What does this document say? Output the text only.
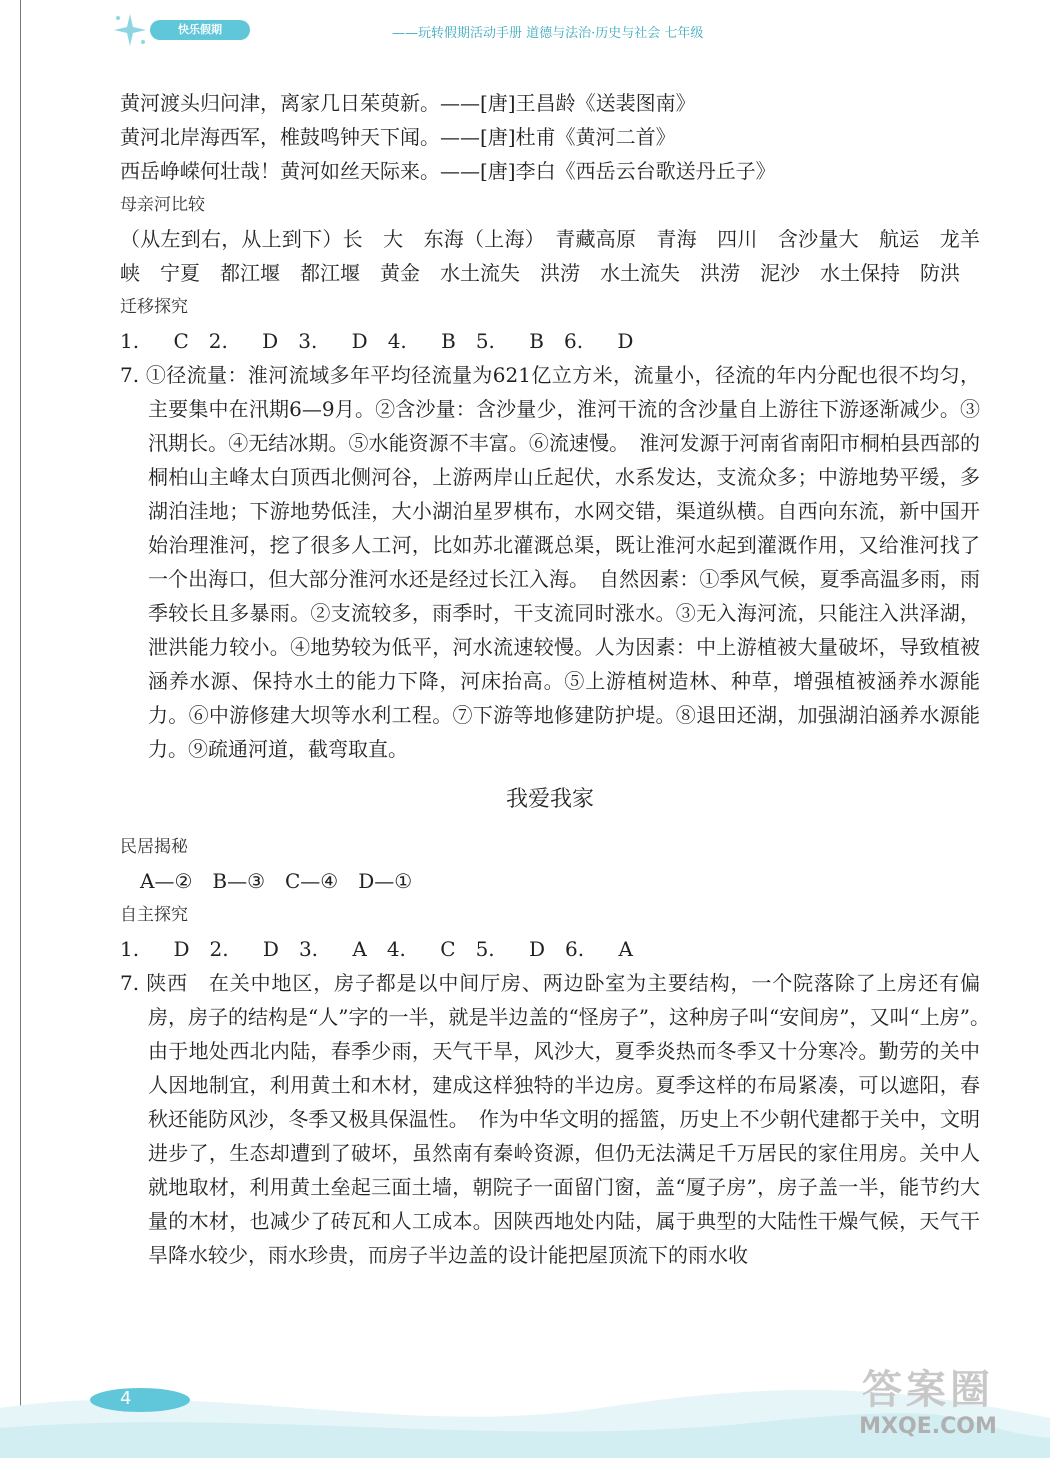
快乐假期	——玩转假期活动手册 道德与法治·历史与社会 七年级
黄河渡头归问津，离家几日茱萸新。——[唐]王昌龄《送裴图南》
黄河北岸海西军，椎鼓鸣钟天下闻。——[唐]杜甫《黄河二首》
西岳峥嵘何壮哉！黄河如丝天际来。——[唐]李白《西岳云台歌送丹丘子》
母亲河比较
（从左到右，从上到下）长　大　东海（上海）　青藏高原　青海　四川　含沙量大　航运　龙羊峡　宁夏　都江堰　都江堰　黄金　水土流失　洪涝　水土流失　洪涝　泥沙　水土保持　防洪
迁移探究
1. C　2. D　3. D　4. B　5. B　6. D
7. ①径流量：淮河流域多年平均径流量为621亿立方米，流量小，径流的年内分配也很不均匀，主要集中在汛期6—9月。②含沙量：含沙量少，淮河干流的含沙量自上游往下游逐渐减少。③汛期长。④无结冰期。⑤水能资源不丰富。⑥流速慢。　淮河发源于河南省南阳市桐柏县西部的桐柏山主峰太白顶西北侧河谷，上游两岸山丘起伏，水系发达，支流众多；中游地势平缓，多湖泊洼地；下游地势低洼，大小湖泊星罗棋布，水网交错，渠道纵横。自西向东流，新中国开始治理淮河，挖了很多人工河，比如苏北灌溉总渠，既让淮河水起到灌溉作用，又给淮河找了一个出海口，但大部分淮河水还是经过长江入海。　自然因素：①季风气候，夏季高温多雨，雨季较长且多暴雨。②支流较多，雨季时，干支流同时涨水。③无入海河流，只能注入洪泽湖，泄洪能力较小。④地势较为低平，河水流速较慢。人为因素：中上游植被大量破坏，导致植被涵养水源、保持水土的能力下降，河床抬高。⑤上游植树造林、种草，增强植被涵养水源能力。⑥中游修建大坝等水利工程。⑦下游等地修建防护堤。⑧退田还湖，加强湖泊涵养水源能力。⑨疏通河道，截弯取直。
我爱我家
民居揭秘
A—②　B—③　C—④　D—①
自主探究
1. D　2. D　3. A　4. C　5. D　6. A
7. 陕西　在关中地区，房子都是以中间厅房、两边卧室为主要结构，一个院落除了上房还有偏房，房子的结构是“人”字的一半，就是半边盖的“怪房子”，这种房子叫“安间房”，又叫“上房”。　由于地处西北内陆，春季少雨，天气干旱，风沙大，夏季炎热而冬季又十分寒冷。勤劳的关中人因地制宜，利用黄土和木材，建成这样独特的半边房。夏季这样的布局紧凑，可以遮阳，春秋还能防风沙，冬季又极具保温性。　作为中华文明的摇篮，历史上不少朝代建都于关中，文明进步了，生态却遭到了破坏，虽然南有秦岭资源，但仍无法满足千万居民的家住用房。关中人就地取材，利用黄土垒起三面土墙，朝院子一面留门窗，盖“厦子房”，房子盖一半，能节约大量的木材，也减少了砖瓦和人工成本。因陕西地处内陆，属于典型的大陆性干燥气候，天气干旱降水较少，雨水珍贵，而房子半边盖的设计能把屋顶流下的雨水收
4	答案圈
MXQE.COM
